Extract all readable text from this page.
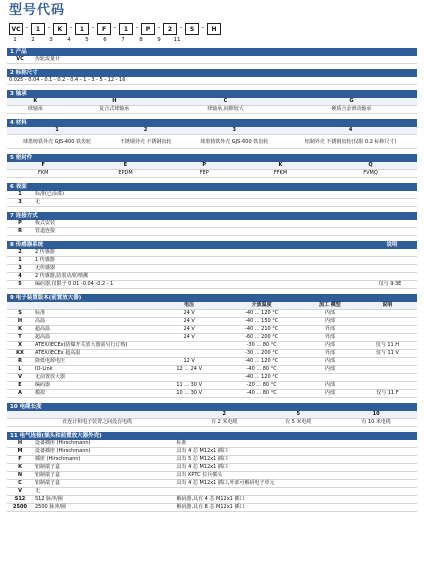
型号代码
VC -	1	-	K	-	1	-	F	-	1	-	P	-	2	-	S	-	H
1	2	3	4	5	6	7	8	9	11
1 产品
VC	齿轮流量计
2 标称尺寸
0.025 - 0.04 - 0.1 - 0.2 - 0.4 - 1 - 3 - 5 - 12 - 16
3 轴承
K	H	C	G
球轴承	复合式球轴承	球轴承,间隙较大	硬质合金滑动轴承
4 材料
1	2	3	4
球墨铸铁外壳 GJS-400 铁齿轮	不锈钢外壳 不锈钢齿轮	球墨铸铁外壳 GJS-600 铁齿轮	铝制外壳 不锈钢齿轮(仅限 0.2 标称尺寸)
5 密封件
F	E	P	K	Q
FKM	EPDM	FEP	FFKM	FVMQ
6 表面
1	标准(已涂漆)
3	无
7 连接方式
P	板式安装
R	管道连接
8 传感器系统	说明
2	2 传感器	
1	1 传感器	
3	无传感器	
4	2 传感器,防震动/防喷溅	
5	编码器,仅限于 0.01 -0.04 -0.2 - 1	仅与 9 3E
9 电子装置版本(前置放大器)
		电压	介质温度	加工 模型	说明
S	标准	24 V	-40 ... 120 °C	内部	
H	高温	24 V	-40 ... 150 °C	内部	
K	超高温	24 V	-40 ... 210 °C	外部	
T	超高温	24 V	-60 ... 200 °C	外部	
X	ATEX/IECEx(防爆开关放大器需另行订购)		-30 ... 80 °C	内部	仅与 11 H
KX	ATEX/IECEx 超高温		-30 ... 200 °C	外部	仅与 11 V
R	降低电源电压	12 V	-40 ... 120 °C	内部	
L	IO-Link	12 ... 24 V	-40 ... 80 °C	内部	
V	无前置放大器		-40 ... 120 °C		
E	编码器	11 ... 30 V	-20 ... 80 °C	内部	
A	模拟	10 ... 30 V	-40 ... 80 °C	内部	仅与 11 F
10 电缆长度
	2	5	10
直连计和电子装置之间没有电缆	有 2 米电缆	有 5 米电缆	有 10 米电缆
11 电气连接(插头和前置放大器外壳)
H	设备插座 (Hirschmann)	标准
M	设备插座 (Hirschmann)	具有 4 芯 M12x1 插口
F	插座 (Hirschmann)	具有 5 芯 M12x1 插口
K	铝制端子盒	具有 4 芯 M12x1 插口
N	铝制端子盒	具有 KPTC 拉兵插头
C	铝制端子盒	具有 4 芯 M12x1 插口,外部可解码电子单元
V	无	
S12	S12 脉冲/圈	解码器,具有 4 芯 M12x1 插口
2500	2500 脉冲/圈	解码器,具有 8 芯 M12x1 插口
